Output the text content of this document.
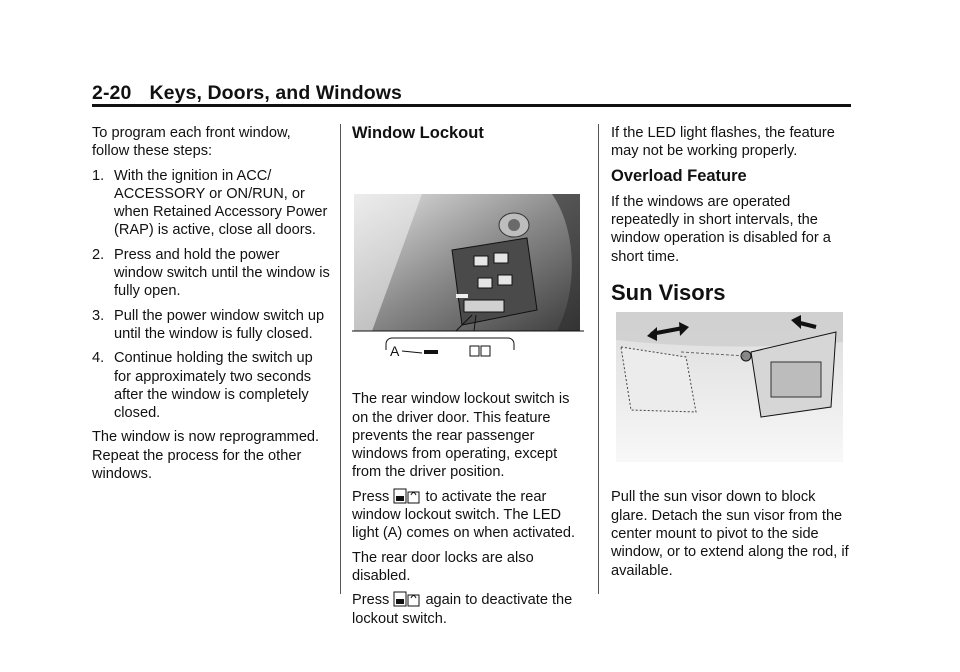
2-20 Keys, Doors, and Windows

To program each front window, follow these steps:

1. With the ignition in ACC/ ACCESSORY or ON/RUN, or when Retained Accessory Power (RAP) is active, close all doors.
2. Press and hold the power window switch until the window is fully open.
3. Pull the power window switch up until the window is fully closed.
4. Continue holding the switch up for approximately two seconds after the window is completely closed.

The window is now reprogrammed. Repeat the process for the other windows.

Window Lockout
A

The rear window lockout switch is on the driver door. This feature prevents the rear passenger windows from operating, except from the driver position.

Press to activate the rear window lockout switch. The LED light (A) comes on when activated.

The rear door locks are also disabled.

Press again to deactivate the lockout switch.

If the LED light flashes, the feature may not be working properly.

Overload Feature

If the windows are operated repeatedly in short intervals, the window operation is disabled for a short time.

Sun Visors

Pull the sun visor down to block glare. Detach the sun visor from the center mount to pivot to the side window, or to extend along the rod, if available.
